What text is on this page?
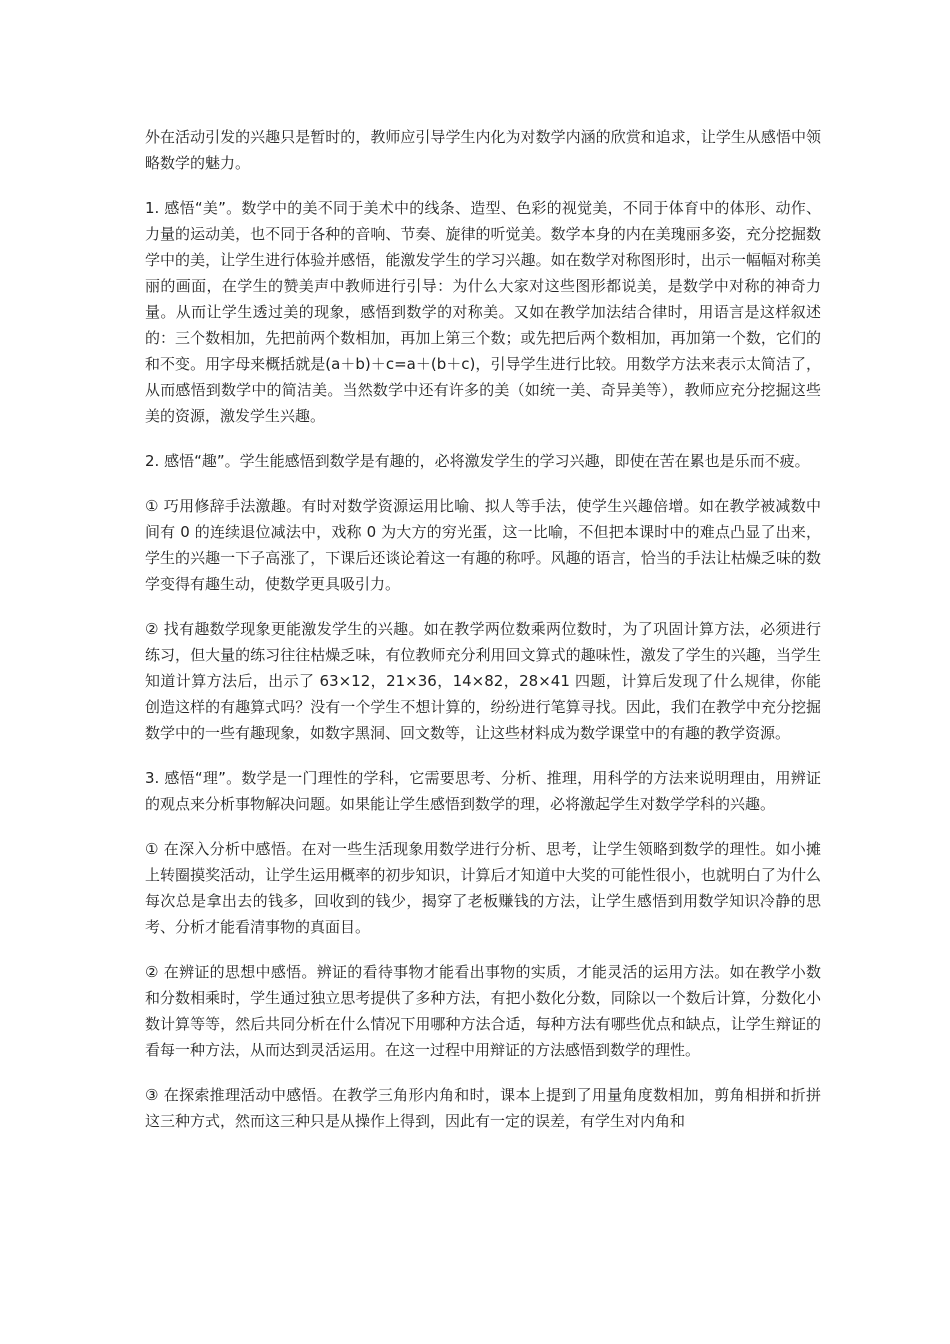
外在活动引发的兴趣只是暂时的，教师应引导学生内化为对数学内涵的欣赏和追求，让学生从感悟中领略数学的魅力。

1. 感悟“美”。数学中的美不同于美术中的线条、造型、色彩的视觉美，不同于体育中的体形、动作、力量的运动美，也不同于各种的音响、节奏、旋律的听觉美。数学本身的内在美瑰丽多姿，充分挖掘数学中的美，让学生进行体验并感悟，能激发学生的学习兴趣。如在数学对称图形时，出示一幅幅对称美丽的画面，在学生的赞美声中教师进行引导：为什么大家对这些图形都说美，是数学中对称的神奇力量。从而让学生透过美的现象，感悟到数学的对称美。又如在教学加法结合律时，用语言是这样叙述的：三个数相加，先把前两个数相加，再加上第三个数；或先把后两个数相加，再加第一个数，它们的和不变。用字母来概括就是(a＋b)＋c=a＋(b＋c)，引导学生进行比较。用数学方法来表示太简洁了，从而感悟到数学中的简洁美。当然数学中还有许多的美（如统一美、奇异美等），教师应充分挖掘这些美的资源，激发学生兴趣。

2. 感悟“趣”。学生能感悟到数学是有趣的，必将激发学生的学习兴趣，即使在苦在累也是乐而不疲。

① 巧用修辞手法激趣。有时对数学资源运用比喻、拟人等手法，使学生兴趣倍增。如在教学被减数中间有 0 的连续退位减法中，戏称 0 为大方的穷光蛋，这一比喻，不但把本课时中的难点凸显了出来，学生的兴趣一下子高涨了，下课后还谈论着这一有趣的称呼。风趣的语言，恰当的手法让枯燥乏味的数学变得有趣生动，使数学更具吸引力。

② 找有趣数学现象更能激发学生的兴趣。如在教学两位数乘两位数时，为了巩固计算方法，必须进行练习，但大量的练习往往枯燥乏味，有位教师充分利用回文算式的趣味性，激发了学生的兴趣，当学生知道计算方法后，出示了 63×12，21×36，14×82，28×41 四题，计算后发现了什么规律，你能创造这样的有趣算式吗？没有一个学生不想计算的，纷纷进行笔算寻找。因此，我们在教学中充分挖掘数学中的一些有趣现象，如数字黑洞、回文数等，让这些材料成为数学课堂中的有趣的教学资源。

3. 感悟“理”。数学是一门理性的学科，它需要思考、分析、推理，用科学的方法来说明理由，用辨证的观点来分析事物解决问题。如果能让学生感悟到数学的理，必将激起学生对数学学科的兴趣。

① 在深入分析中感悟。在对一些生活现象用数学进行分析、思考，让学生领略到数学的理性。如小摊上转圈摸奖活动，让学生运用概率的初步知识，计算后才知道中大奖的可能性很小，也就明白了为什么每次总是拿出去的钱多，回收到的钱少，揭穿了老板赚钱的方法，让学生感悟到用数学知识冷静的思考、分析才能看清事物的真面目。

② 在辨证的思想中感悟。辨证的看待事物才能看出事物的实质，才能灵活的运用方法。如在教学小数和分数相乘时，学生通过独立思考提供了多种方法，有把小数化分数，同除以一个数后计算，分数化小数计算等等，然后共同分析在什么情况下用哪种方法合适，每种方法有哪些优点和缺点，让学生辩证的看每一种方法，从而达到灵活运用。在这一过程中用辩证的方法感悟到数学的理性。

③ 在探索推理活动中感悟。在教学三角形内角和时，课本上提到了用量角度数相加，剪角相拼和折拼这三种方式，然而这三种只是从操作上得到，因此有一定的误差，有学生对内角和
